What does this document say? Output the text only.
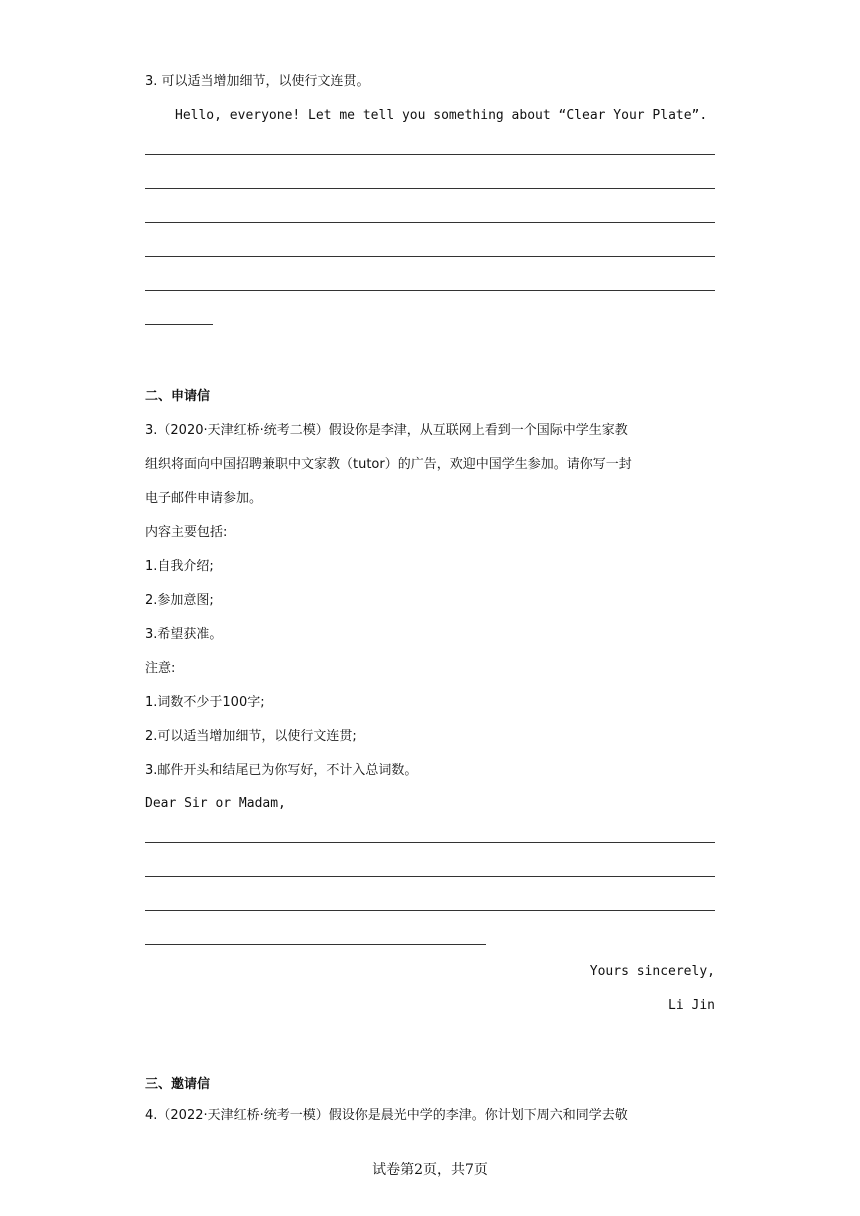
3. 可以适当增加细节，以使行文连贯。
Hello, everyone! Let me tell you something about “Clear Your Plate”.
二、申请信
3.（2020·天津红桥·统考二模）假设你是李津，从互联网上看到一个国际中学生家教
组织将面向中国招聘兼职中文家教（tutor）的广告，欢迎中国学生参加。请你写一封
电子邮件申请参加。
内容主要包括:
1.自我介绍;
2.参加意图;
3.希望获准。
注意:
1.词数不少于100字;
2.可以适当增加细节，以使行文连贯;
3.邮件开头和结尾已为你写好，不计入总词数。
Dear Sir or Madam,
Yours sincerely,
Li Jin
三、邀请信
4.（2022·天津红桥·统考一模）假设你是晨光中学的李津。你计划下周六和同学去敬
试卷第2页，共7页
